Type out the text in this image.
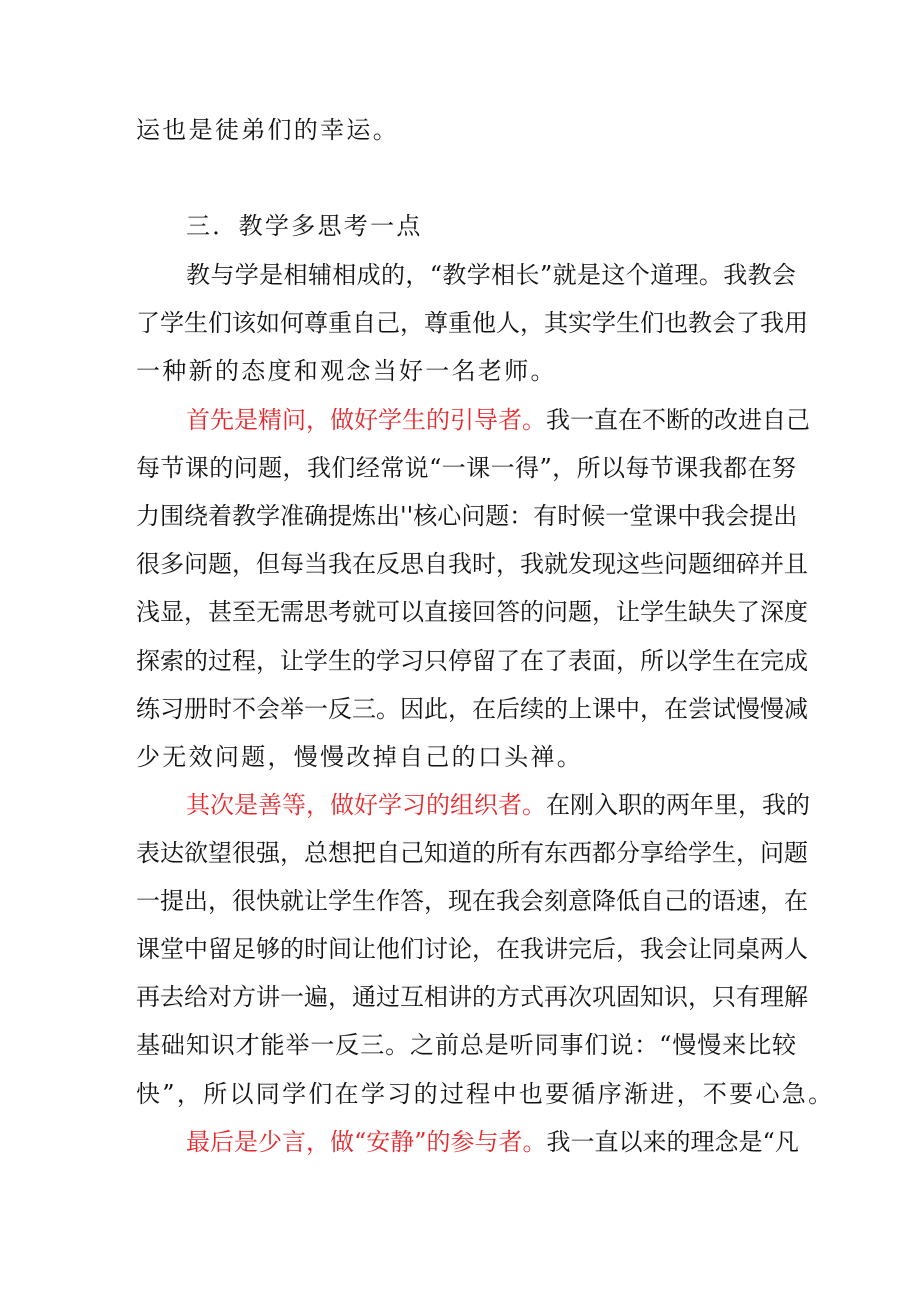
运也是徒弟们的幸运。
三．教学多思考一点
教与学是相辅相成的，“教学相长”就是这个道理。我教会
了学生们该如何尊重自己，尊重他人，其实学生们也教会了我用
一种新的态度和观念当好一名老师。
首先是精问，做好学生的引导者。我一直在不断的改进自己
每节课的问题，我们经常说“一课一得”，所以每节课我都在努
力围绕着教学准确提炼出''核心问题：有时候一堂课中我会提出
很多问题，但每当我在反思自我时，我就发现这些问题细碎并且
浅显，甚至无需思考就可以直接回答的问题，让学生缺失了深度
探索的过程，让学生的学习只停留了在了表面，所以学生在完成
练习册时不会举一反三。因此，在后续的上课中，在尝试慢慢减
少无效问题，慢慢改掉自己的口头禅。
其次是善等，做好学习的组织者。在刚入职的两年里，我的
表达欲望很强，总想把自己知道的所有东西都分享给学生，问题
一提出，很快就让学生作答，现在我会刻意降低自己的语速，在
课堂中留足够的时间让他们讨论，在我讲完后，我会让同桌两人
再去给对方讲一遍，通过互相讲的方式再次巩固知识，只有理解
基础知识才能举一反三。之前总是听同事们说：“慢慢来比较
快”，所以同学们在学习的过程中也要循序渐进，不要心急。
最后是少言，做“安静”的参与者。我一直以来的理念是“凡
